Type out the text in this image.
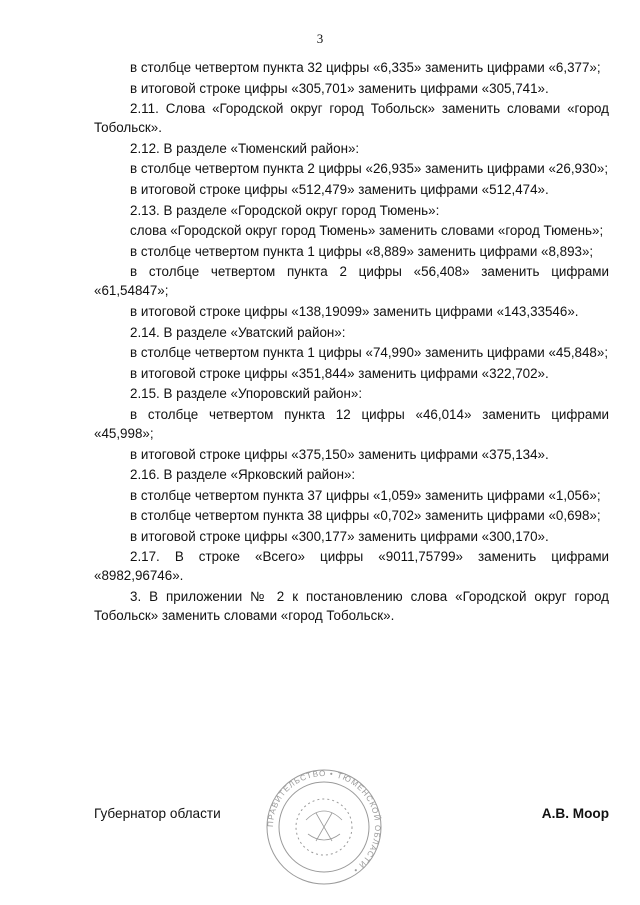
3

в столбце четвертом пункта 32 цифры «6,335» заменить цифрами «6,377»;

в итоговой строке цифры «305,701» заменить цифрами «305,741».

2.11. Слова «Городской округ город Тобольск» заменить словами «город Тобольск».

2.12. В разделе «Тюменский район»:

в столбце четвертом пункта 2 цифры «26,935» заменить цифрами «26,930»;

в итоговой строке цифры «512,479» заменить цифрами «512,474».

2.13. В разделе «Городской округ город Тюмень»:

слова «Городской округ город Тюмень» заменить словами «город Тюмень»;

в столбце четвертом пункта 1 цифры «8,889» заменить цифрами «8,893»;

в столбце четвертом пункта 2 цифры «56,408» заменить цифрами «61,54847»;

в итоговой строке цифры «138,19099» заменить цифрами «143,33546».

2.14. В разделе «Уватский район»:

в столбце четвертом пункта 1 цифры «74,990» заменить цифрами «45,848»;

в итоговой строке цифры «351,844» заменить цифрами «322,702».

2.15. В разделе «Упоровский район»:

в столбце четвертом пункта 12 цифры «46,014» заменить цифрами «45,998»;

в итоговой строке цифры «375,150» заменить цифрами «375,134».

2.16. В разделе «Ярковский район»:

в столбце четвертом пункта 37 цифры «1,059» заменить цифрами «1,056»;

в столбце четвертом пункта 38 цифры «0,702» заменить цифрами «0,698»;

в итоговой строке цифры «300,177» заменить цифрами «300,170».

2.17. В строке «Всего» цифры «9011,75799» заменить цифрами «8982,96746».

3. В приложении № 2 к постановлению слова «Городской округ город Тобольск» заменить словами «город Тобольск».

ПРАВИТЕЛЬСТВО • ТЮМЕНСКОЙ ОБЛАСТИ •
Губернатор области	А.В. Моор
